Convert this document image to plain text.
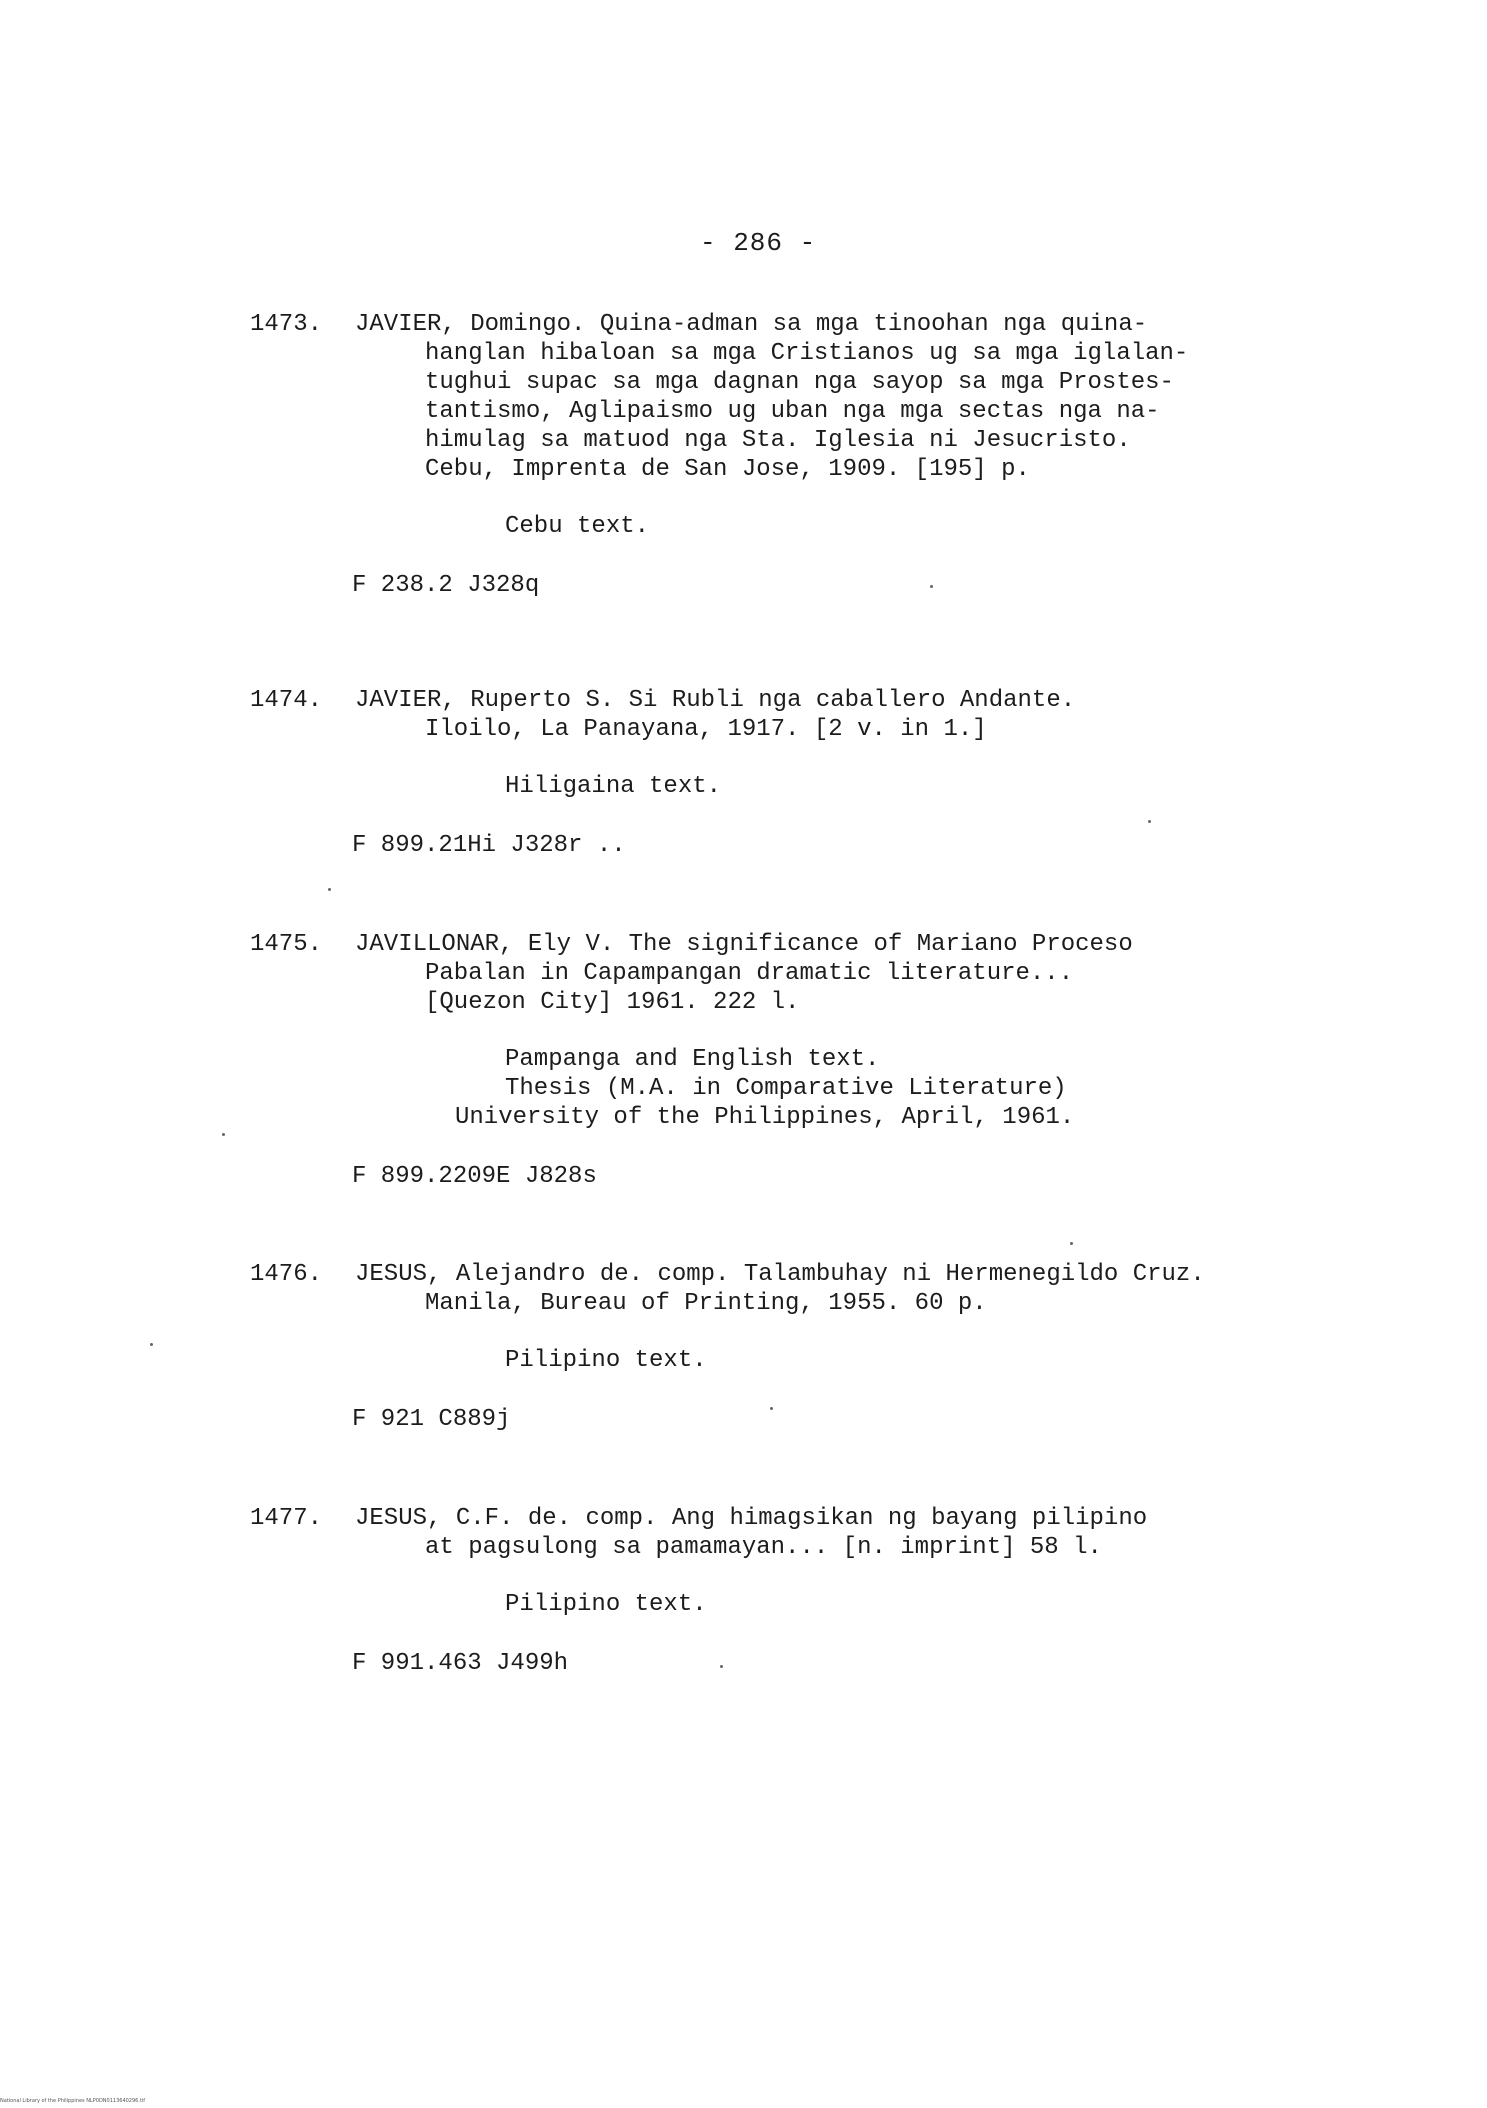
- 286 -
1473. JAVIER, Domingo. Quina-adman sa mga tinoohan nga quina-
hanglan hibaloan sa mga Cristianos ug sa mga iglalan-
tughui supac sa mga dagnan nga sayop sa mga Prostes-
tantismo, Aglipaismo ug uban nga mga sectas nga na-
himulag sa matuod nga Sta. Iglesia ni Jesucristo.
Cebu, Imprenta de San Jose, 1909. [195] p.
Cebu text.
F 238.2 J328q
1474. JAVIER, Ruperto S. Si Rubli nga caballero Andante.
Iloilo, La Panayana, 1917. [2 v. in 1.]
Hiligaina text.
F 899.21Hi J328r ..
1475. JAVILLONAR, Ely V. The significance of Mariano Proceso
Pabalan in Capampangan dramatic literature...
[Quezon City] 1961. 222 l.
Pampanga and English text.
Thesis (M.A. in Comparative Literature)
University of the Philippines, April, 1961.
F 899.2209E J828s
1476. JESUS, Alejandro de. comp. Talambuhay ni Hermenegildo Cruz.
Manila, Bureau of Printing, 1955. 60 p.
Pilipino text.
F 921 C889j
1477. JESUS, C.F. de. comp. Ang himagsikan ng bayang pilipino
at pagsulong sa pamamayan... [n. imprint] 58 l.
Pilipino text.
F 991.463 J499h
National Library of the Philippines NLP0DN0113640296.tif
